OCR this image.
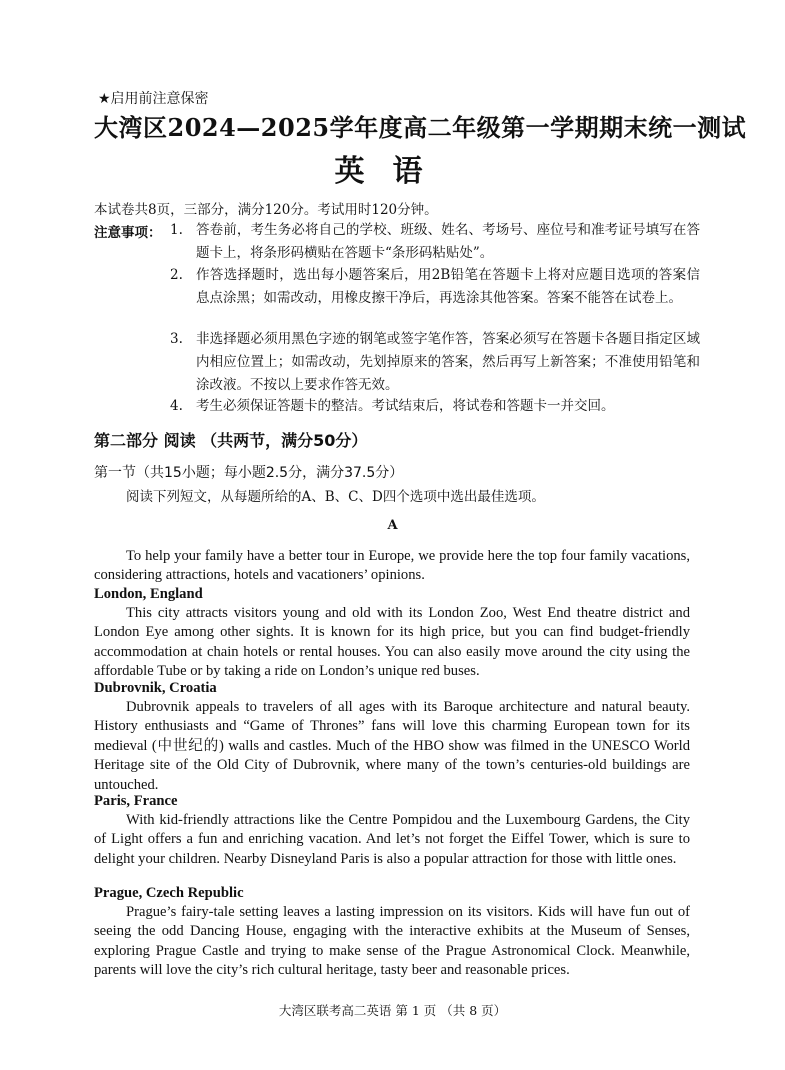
★启用前注意保密
大湾区2024—2025学年度高二年级第一学期期末统一测试
英语
本试卷共8页，三部分，满分120分。考试用时120分钟。
注意事项： 1. 答卷前，考生务必将自己的学校、班级、姓名、考场号、座位号和准考证号填写在答题卡上，将条形码横贴在答题卡“条形码粘贴处”。
2. 作答选择题时，选出每小题答案后，用2B铅笔在答题卡上将对应题目选项的答案信息点涂黑；如需改动，用橡皮擦干净后，再选涂其他答案。答案不能答在试卷上。
3. 非选择题必须用黑色字迹的钢笔或签字笔作答，答案必须写在答题卡各题目指定区域内相应位置上；如需改动，先划掉原来的答案，然后再写上新答案；不准使用铅笔和涂改液。不按以上要求作答无效。
4. 考生必须保证答题卡的整洁。考试结束后，将试卷和答题卡一并交回。
第二部分 阅读 （共两节，满分50分）
第一节（共15小题；每小题2.5分，满分37.5分）
阅读下列短文，从每题所给的A、B、C、D四个选项中选出最佳选项。
A
To help your family have a better tour in Europe, we provide here the top four family vacations, considering attractions, hotels and vacationers’ opinions.
London, England
This city attracts visitors young and old with its London Zoo, West End theatre district and London Eye among other sights. It is known for its high price, but you can find budget-friendly accommodation at chain hotels or rental houses. You can also easily move around the city using the affordable Tube or by taking a ride on London’s unique red buses.
Dubrovnik, Croatia
Dubrovnik appeals to travelers of all ages with its Baroque architecture and natural beauty. History enthusiasts and “Game of Thrones” fans will love this charming European town for its medieval (中世纪的) walls and castles. Much of the HBO show was filmed in the UNESCO World Heritage site of the Old City of Dubrovnik, where many of the town’s centuries-old buildings are untouched.
Paris, France
With kid-friendly attractions like the Centre Pompidou and the Luxembourg Gardens, the City of Light offers a fun and enriching vacation. And let’s not forget the Eiffel Tower, which is sure to delight your children. Nearby Disneyland Paris is also a popular attraction for those with little ones.
Prague, Czech Republic
Prague’s fairy-tale setting leaves a lasting impression on its visitors. Kids will have fun out of seeing the odd Dancing House, engaging with the interactive exhibits at the Museum of Senses, exploring Prague Castle and trying to make sense of the Prague Astronomical Clock. Meanwhile, parents will love the city’s rich cultural heritage, tasty beer and reasonable prices.
大湾区联考高二英语 第 1 页 （共 8 页）
